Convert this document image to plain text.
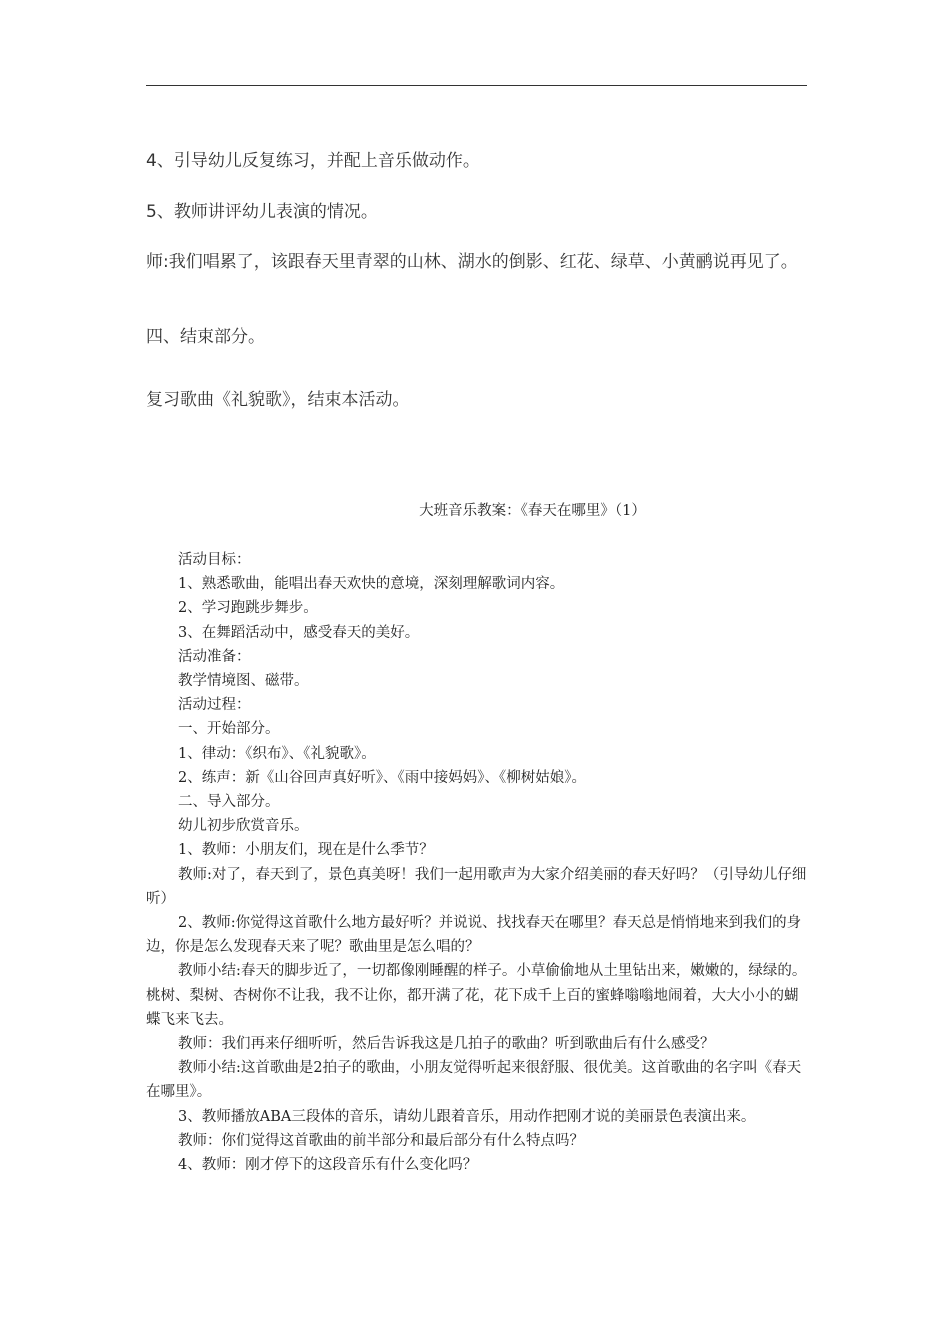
4、引导幼儿反复练习，并配上音乐做动作。
5、教师讲评幼儿表演的情况。
师:我们唱累了，该跟春天里青翠的山林、湖水的倒影、红花、绿草、小黄鹂说再见了。
四、结束部分。
复习歌曲《礼貌歌》，结束本活动。
大班音乐教案：《春天在哪里》（1）

活动目标：

1、熟悉歌曲，能唱出春天欢快的意境，深刻理解歌词内容。

2、学习跑跳步舞步。

3、在舞蹈活动中，感受春天的美好。

活动准备：

教学情境图、磁带。

活动过程：

一、开始部分。

1、律动：《织布》、《礼貌歌》。

2、练声：新《山谷回声真好听》、《雨中接妈妈》、《柳树姑娘》。

二、导入部分。

幼儿初步欣赏音乐。

1、教师：小朋友们，现在是什么季节？

教师:对了，春天到了，景色真美呀！我们一起用歌声为大家介绍美丽的春天好吗？（引导幼儿仔细听）

2、教师:你觉得这首歌什么地方最好听？并说说、找找春天在哪里？春天总是悄悄地来到我们的身边，你是怎么发现春天来了呢？歌曲里是怎么唱的？

教师小结:春天的脚步近了，一切都像刚睡醒的样子。小草偷偷地从土里钻出来，嫩嫩的，绿绿的。桃树、梨树、杏树你不让我，我不让你，都开满了花，花下成千上百的蜜蜂嗡嗡地闹着，大大小小的蝴蝶飞来飞去。

教师：我们再来仔细听听，然后告诉我这是几拍子的歌曲？听到歌曲后有什么感受？

教师小结:这首歌曲是2拍子的歌曲，小朋友觉得听起来很舒服、很优美。这首歌曲的名字叫《春天在哪里》。

3、教师播放ABA三段体的音乐，请幼儿跟着音乐，用动作把刚才说的美丽景色表演出来。

教师：你们觉得这首歌曲的前半部分和最后部分有什么特点吗？

4、教师：刚才停下的这段音乐有什么变化吗？
